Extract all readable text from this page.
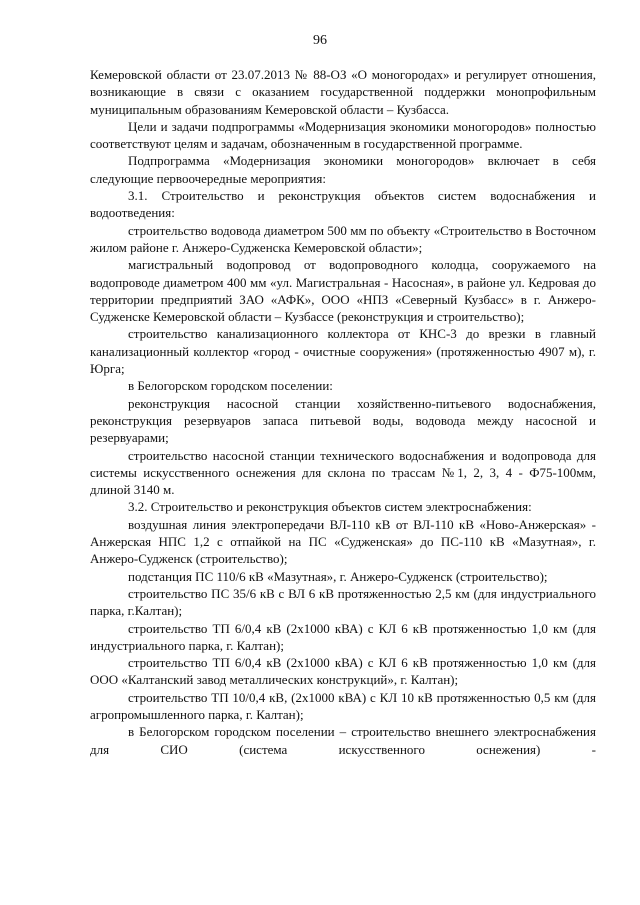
96

Кемеровской области от 23.07.2013 № 88-ОЗ «О моногородах» и регулирует отношения, возникающие в связи с оказанием государственной поддержки монопрофильным муниципальным образованиям Кемеровской области – Кузбасса.

Цели и задачи подпрограммы «Модернизация экономики моногородов» полностью соответствуют целям и задачам, обозначенным в государственной программе.

Подпрограмма «Модернизация экономики моногородов» включает в себя следующие первоочередные мероприятия:

3.1. Строительство и реконструкция объектов систем водоснабжения и водоотведения:

строительство водовода диаметром 500 мм по объекту «Строительство в Восточном жилом районе г. Анжеро-Судженска Кемеровской области»;

магистральный водопровод от водопроводного колодца, сооружаемого на водопроводе диаметром 400 мм «ул. Магистральная - Насосная», в районе ул. Кедровая до территории предприятий ЗАО «АФК», ООО «НПЗ «Северный Кузбасс» в г. Анжеро-Судженске Кемеровской области – Кузбассе (реконструкция и строительство);

строительство канализационного коллектора от КНС-3 до врезки в главный канализационный коллектор «город - очистные сооружения» (протяженностью 4907 м), г. Юрга;

в Белогорском городском поселении:

реконструкция насосной станции хозяйственно-питьевого водоснабжения, реконструкция резервуаров запаса питьевой воды, водовода между насосной и резервуарами;

строительство насосной станции технического водоснабжения и водопровода для системы искусственного оснежения для склона по трассам №1, 2, 3, 4 - Ф75-100мм, длиной 3140 м.

3.2. Строительство и реконструкция объектов систем электроснабжения:

воздушная линия электропередачи ВЛ-110 кВ от ВЛ-110 кВ «Ново-Анжерская» - Анжерская НПС 1,2 с отпайкой на ПС «Судженская» до ПС-110 кВ «Мазутная», г. Анжеро-Судженск (строительство);

подстанция ПС 110/6 кВ «Мазутная», г. Анжеро-Судженск (строительство);

строительство ПС 35/6 кВ с ВЛ 6 кВ протяженностью 2,5 км (для индустриального парка, г.Калтан);

строительство ТП 6/0,4 кВ (2х1000 кВА) с КЛ 6 кВ протяженностью 1,0 км (для индустриального парка, г. Калтан);

строительство ТП 6/0,4 кВ (2х1000 кВА) с КЛ 6 кВ протяженностью 1,0 км (для ООО «Калтанский завод металлических конструкций», г. Калтан);

строительство ТП 10/0,4 кВ, (2х1000 кВА) с КЛ 10 кВ протяженностью 0,5 км (для агропромышленного парка, г. Калтан);

в Белогорском городском поселении – строительство внешнего электроснабжения для СИО (система искусственного оснежения) -
